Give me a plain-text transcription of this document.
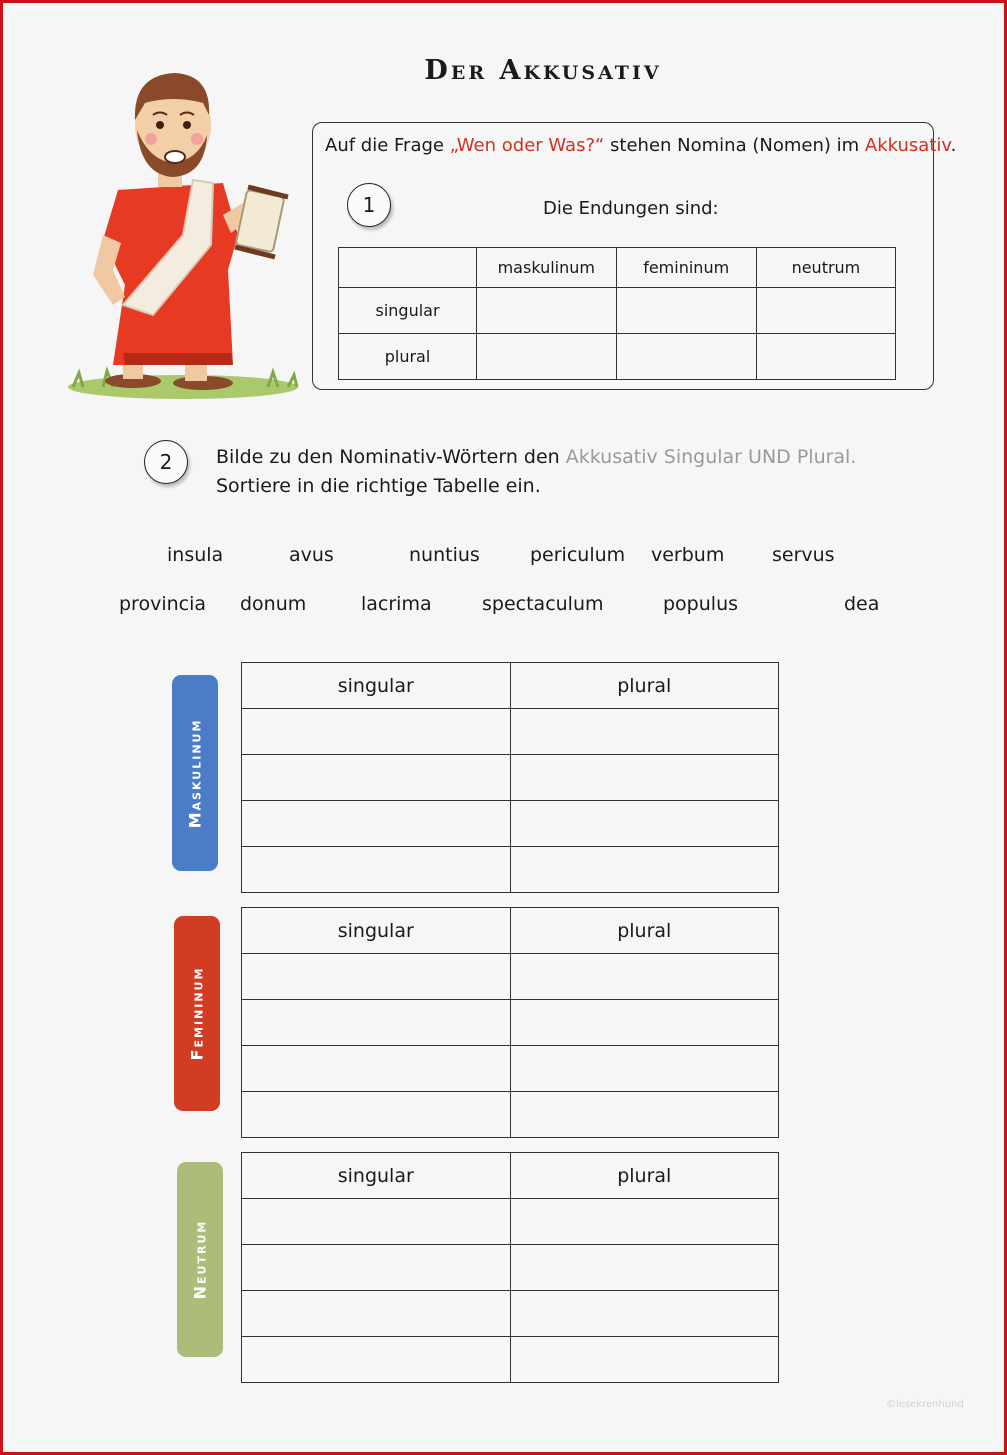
Der Akkusativ
Auf die Frage „Wen oder Was?“ stehen Nomina (Nomen) im Akkusativ.
1	Die Endungen sind:
	maskulinum	femininum	neutrum
singular			
plural			
2	Bilde zu den Nominativ-Wörtern den Akkusativ Singular UND Plural.
Sortiere in die richtige Tabelle ein.
insula	avus	nuntius	periculum verbum	servus
provincia donum	lacrima	spectaculum	populus	dea
Maskulinum
singular	plural

Femininum
singular	plural

Neutrum
singular	plural

©lesekrenhund
